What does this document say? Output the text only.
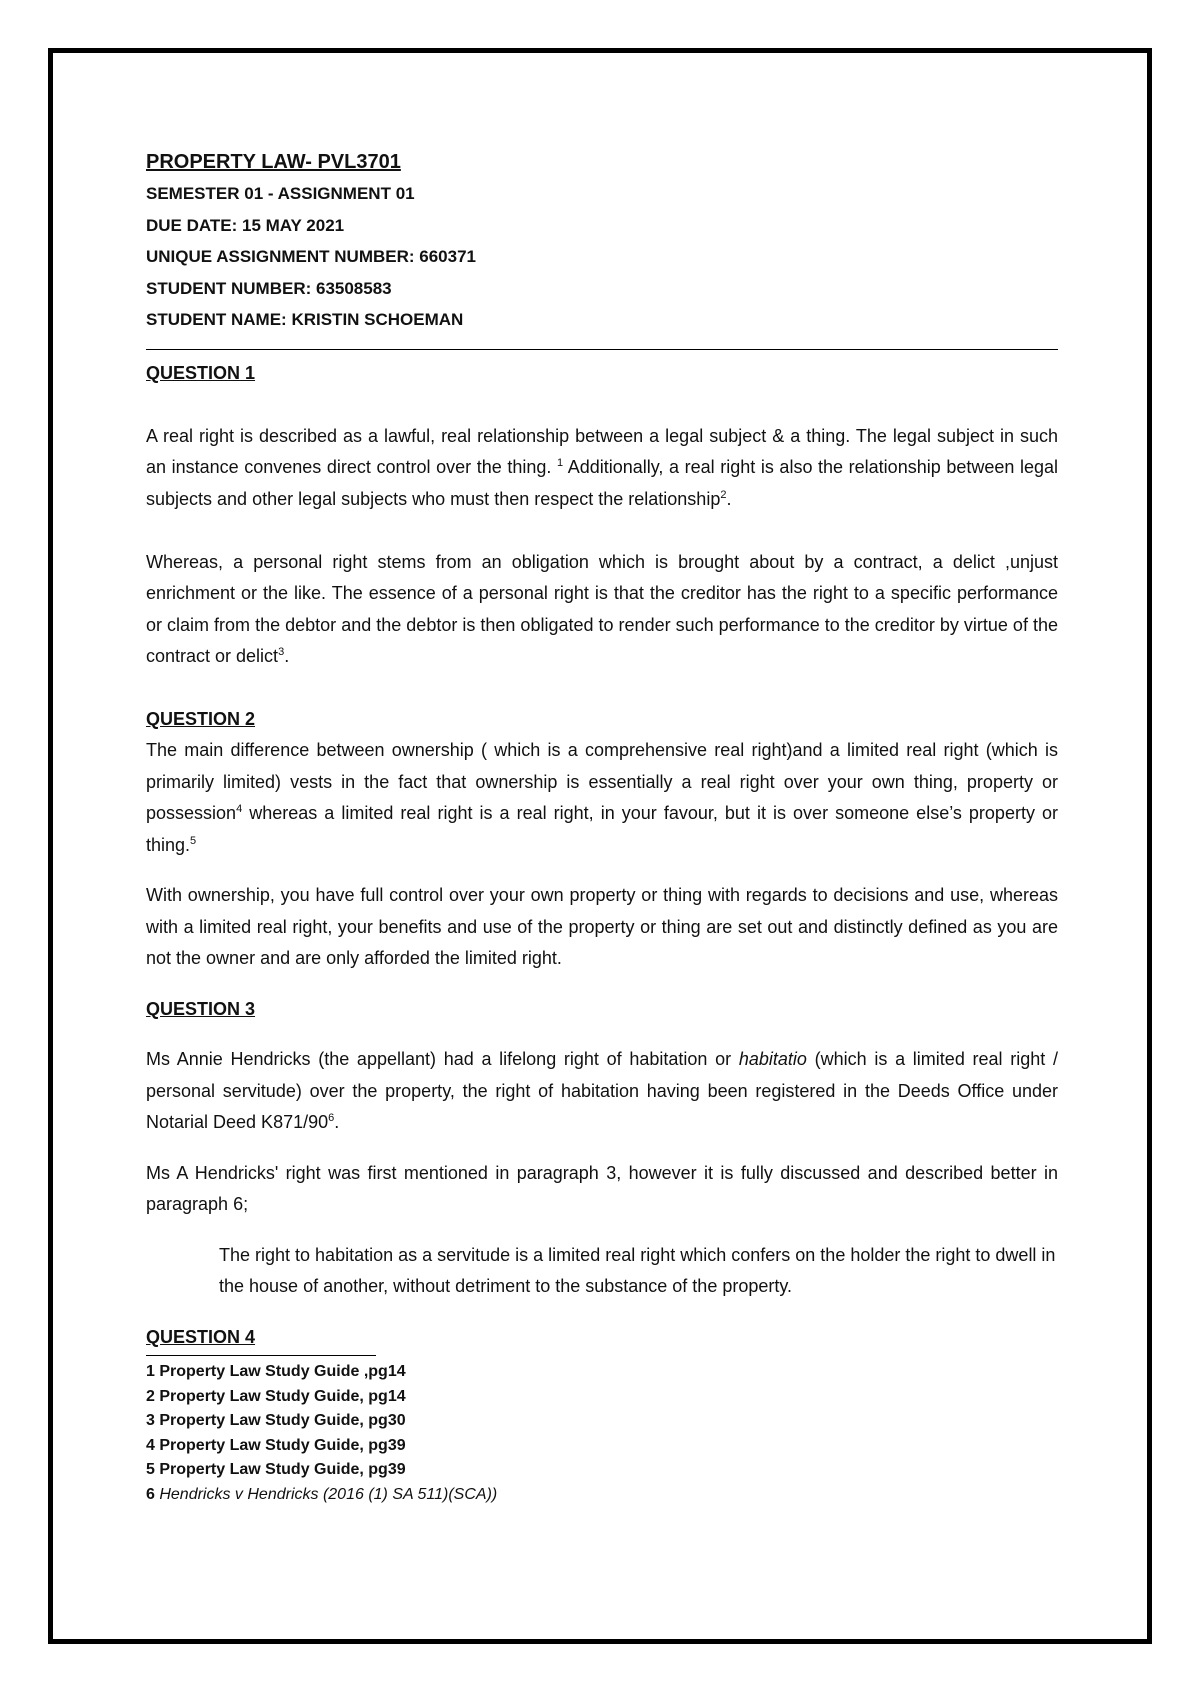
PROPERTY LAW- PVL3701

SEMESTER 01 - ASSIGNMENT 01

DUE DATE: 15 MAY 2021

UNIQUE ASSIGNMENT NUMBER: 660371

STUDENT NUMBER: 63508583

STUDENT NAME: KRISTIN SCHOEMAN

QUESTION 1

A real right is described as a lawful, real relationship between a legal subject & a thing. The legal subject in such an instance convenes direct control over the thing. $^1$ Additionally, a real right is also the relationship between legal subjects and other legal subjects who must then respect the relationship$^2$.

Whereas, a personal right stems from an obligation which is brought about by a contract, a delict ,unjust enrichment or the like. The essence of a personal right is that the creditor has the right to a specific performance or claim from the debtor and the debtor is then obligated to render such performance to the creditor by virtue of the contract or delict$^3$.

QUESTION 2

The main difference between ownership ( which is a comprehensive real right)and a limited real right (which is primarily limited) vests in the fact that ownership is essentially a real right over your own thing, property or possession$^4$ whereas a limited real right is a real right, in your favour, but it is over someone else’s property or thing.$^5$

With ownership, you have full control over your own property or thing with regards to decisions and use, whereas with a limited real right, your benefits and use of the property or thing are set out and distinctly defined as you are not the owner and are only afforded the limited right.

QUESTION 3

Ms Annie Hendricks (the appellant) had a lifelong right of habitation or habitatio (which is a limited real right / personal servitude) over the property, the right of habitation having been registered in the Deeds Office under Notarial Deed $K871/90^6$.

Ms A Hendricks' right was first mentioned in paragraph 3, however it is fully discussed and described better in paragraph 6;

The right to habitation as a servitude is a limited real right which confers on the holder the right to dwell in the house of another, without detriment to the substance of the property.

QUESTION 4

1 Property Law Study Guide ,pg14

2 Property Law Study Guide, pg14

3 Property Law Study Guide, pg30

4 Property Law Study Guide, pg39

5 Property Law Study Guide, pg39

6 Hendricks v Hendricks (2016 (1) SA 511)(SCA))
